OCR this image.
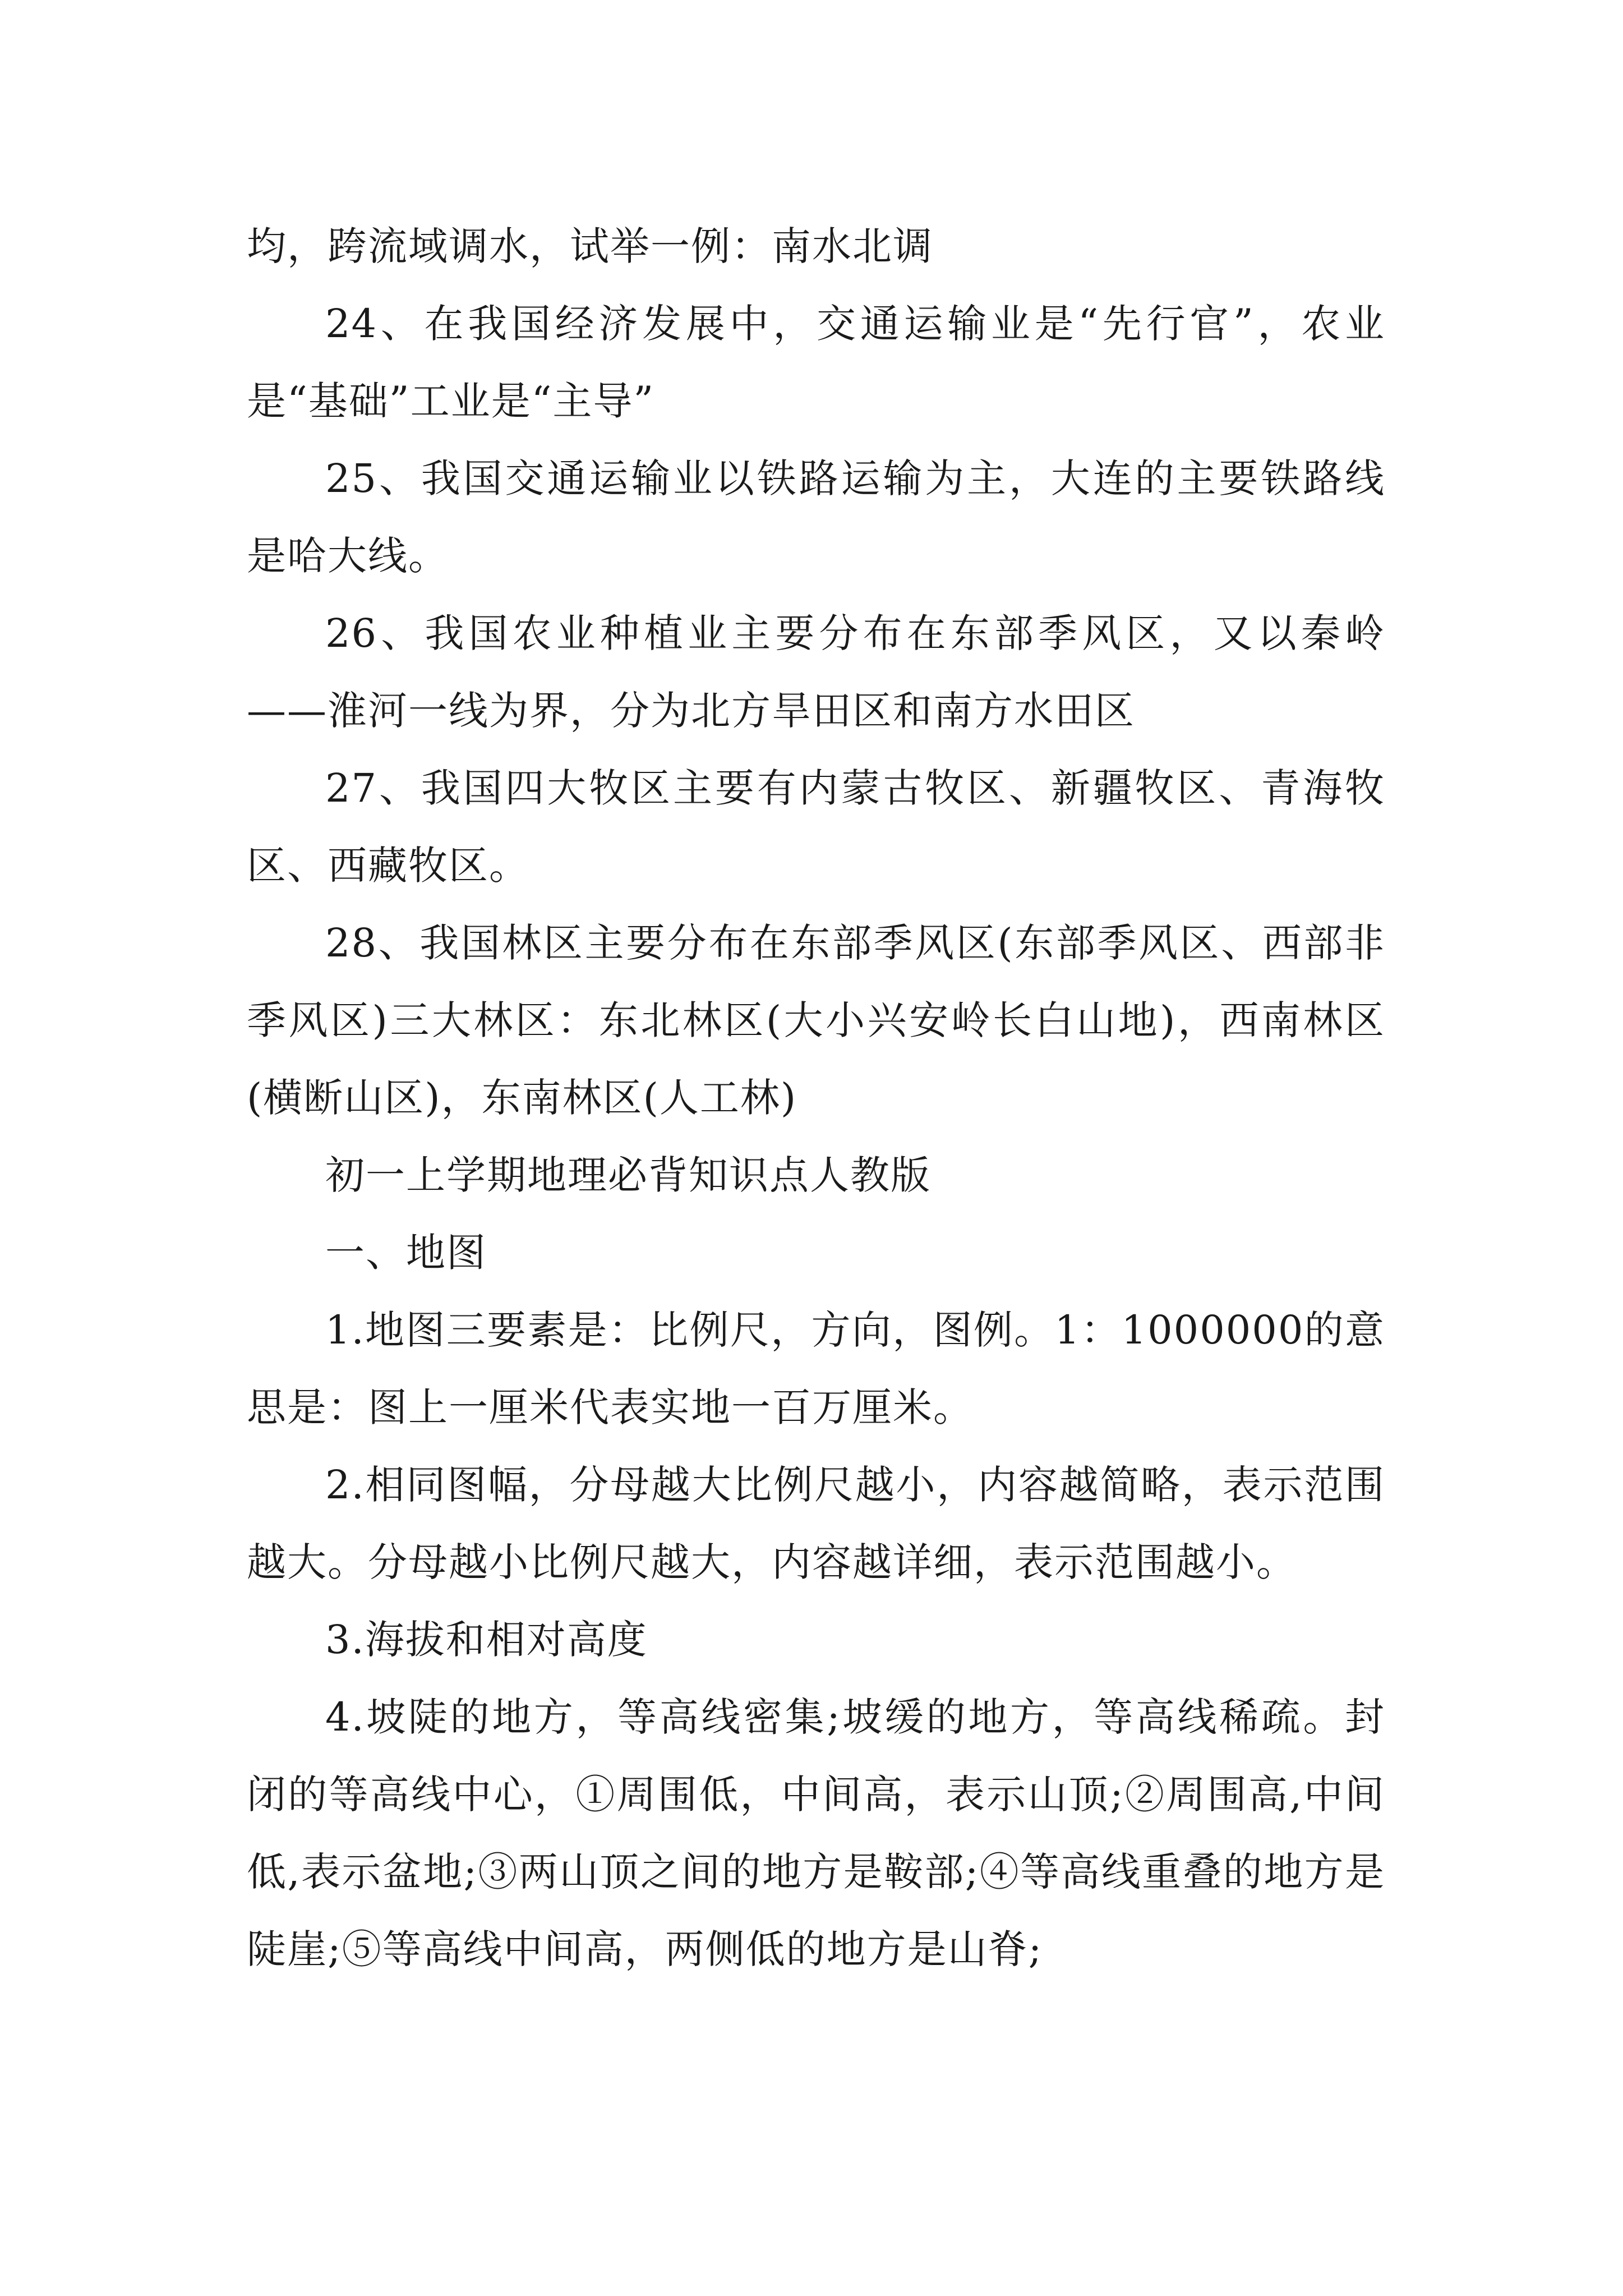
均，跨流域调水，试举一例：南水北调

24、在我国经济发展中，交通运输业是“先行官”，农业是“基础”工业是“主导”

25、我国交通运输业以铁路运输为主，大连的主要铁路线是哈大线。

26、我国农业种植业主要分布在东部季风区，又以秦岭——淮河一线为界，分为北方旱田区和南方水田区

27、我国四大牧区主要有内蒙古牧区、新疆牧区、青海牧区、西藏牧区。

28、我国林区主要分布在东部季风区(东部季风区、西部非季风区)三大林区：东北林区(大小兴安岭长白山地)，西南林区(横断山区)，东南林区(人工林)

初一上学期地理必背知识点人教版

一、地图

1.地图三要素是：比例尺，方向，图例。1：1000000的意思是：图上一厘米代表实地一百万厘米。

2.相同图幅，分母越大比例尺越小，内容越简略，表示范围越大。分母越小比例尺越大，内容越详细，表示范围越小。

3.海拔和相对高度

4.坡陡的地方，等高线密集;坡缓的地方，等高线稀疏。封闭的等高线中心，①周围低，中间高，表示山顶;②周围高,中间低,表示盆地;③两山顶之间的地方是鞍部;④等高线重叠的地方是陡崖;⑤等高线中间高，两侧低的地方是山脊;
